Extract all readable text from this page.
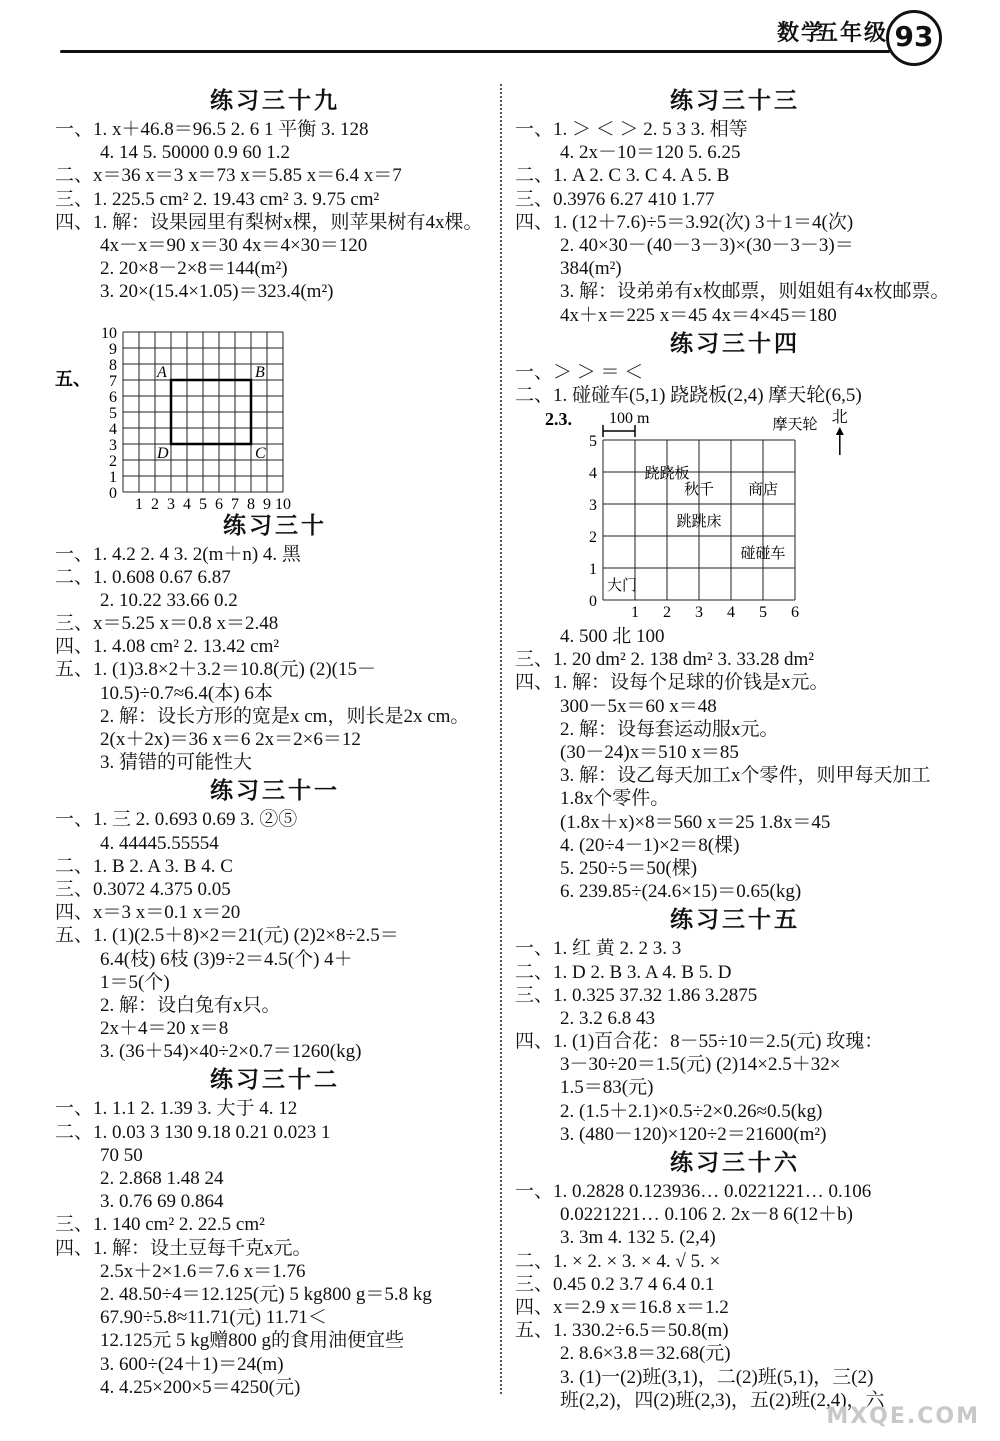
数学
五年级 93
练习三十九
一、1. x＋46.8＝96.5 2. 6 1 平衡 3. 128
4. 14 5. 50000 0.9 60 1.2
二、x＝36 x＝3 x＝73 x＝5.85 x＝6.4 x＝7
三、1. 225.5 cm² 2. 19.43 cm² 3. 9.75 cm²
四、1. 解：设果园里有梨树x棵，则苹果树有4x棵。
4x－x＝90 x＝30 4x＝4×30＝120
2. 20×8－2×8＝144(m²)
3. 20×(15.4×1.05)＝323.4(m²)
五、
10
9
8
7
6
5
4
3
2
1
0
1 2 3 4 5 6 7 8 9 10
A	B
C
D
练习三十
一、1. 4.2 2. 4 3. 2(m＋n) 4. 黑
二、1. 0.608 0.67 6.87
2. 10.22 33.66 0.2
三、x＝5.25 x＝0.8 x＝2.48
四、1. 4.08 cm² 2. 13.42 cm²
五、1. (1)3.8×2＋3.2＝10.8(元) (2)(15－
10.5)÷0.7≈6.4(本) 6本
2. 解：设长方形的宽是x cm，则长是2x cm。
2(x＋2x)＝36 x＝6 2x＝2×6＝12
3. 猜错的可能性大
练习三十一
一、1. 三 2. 0.693 0.69 3. ②⑤
4. 44445.55554
二、1. B 2. A 3. B 4. C
三、0.3072 4.375 0.05
四、x＝3 x＝0.1 x＝20
五、1. (1)(2.5＋8)×2＝21(元) (2)2×8÷2.5＝
6.4(枝) 6枝 (3)9÷2＝4.5(个) 4＋
1＝5(个)
2. 解：设白兔有x只。
2x＋4＝20 x＝8
3. (36＋54)×40÷2×0.7＝1260(kg)
练习三十二
一、1. 1.1 2. 1.39 3. 大于 4. 12
二、1. 0.03 3 130 9.18 0.21 0.023 1
70 50
2. 2.868 1.48 24
3. 0.76 69 0.864
三、1. 140 cm² 2. 22.5 cm²
四、1. 解：设土豆每千克x元。
2.5x＋2×1.6＝7.6 x＝1.76
2. 48.50÷4＝12.125(元) 5 kg800 g＝5.8 kg
67.90÷5.8≈11.71(元) 11.71＜
12.125元 5 kg赠800 g的食用油便宜些
3. 600÷(24＋1)＝24(m)
4. 4.25×200×5＝4250(元)
练习三十三
一、1. ＞ ＜ ＞ 2. 5 3 3. 相等
4. 2x－10＝120 5. 6.25
二、1. A 2. C 3. C 4. A 5. B
三、0.3976 6.27 410 1.77
四、1. (12＋7.6)÷5＝3.92(次) 3＋1＝4(次)
2. 40×30－(40－3－3)×(30－3－3)＝
384(m²)
3. 解：设弟弟有x枚邮票，则姐姐有4x枚邮票。
4x＋x＝225 x＝45 4x＝4×45＝180
练习三十四
一、＞ ＞ ＝ ＜
二、1. 碰碰车(5,1) 跷跷板(2,4) 摩天轮(6,5)
2.3. 100 m	北
5
4
3
2
1
0
1 2 3 4 5 6
摩天轮
跷跷板
秋千 商店
跳跳床
碰碰车
大门
4. 500 北 100
三、1. 20 dm² 2. 138 dm² 3. 33.28 dm²
四、1. 解：设每个足球的价钱是x元。
300－5x＝60 x＝48
2. 解：设每套运动服x元。
(30－24)x＝510 x＝85
3. 解：设乙每天加工x个零件，则甲每天加工
1.8x个零件。
(1.8x＋x)×8＝560 x＝25 1.8x＝45
4. (20÷4－1)×2＝8(棵)
5. 250÷5＝50(棵)
6. 239.85÷(24.6×15)＝0.65(kg)
练习三十五
一、1. 红 黄 2. 2 3. 3
二、1. D 2. B 3. A 4. B 5. D
三、1. 0.325 37.32 1.86 3.2875
2. 3.2 6.8 43
四、1. (1)百合花：8－55÷10＝2.5(元) 玫瑰：
3－30÷20＝1.5(元) (2)14×2.5＋32×
1.5＝83(元)
2. (1.5＋2.1)×0.5÷2×0.26≈0.5(kg)
3. (480－120)×120÷2＝21600(m²)
练习三十六
一、1. 0.2828 0.123936… 0.0221221… 0.106
0.0221221… 0.106 2. 2x－8 6(12＋b)
3. 3m 4. 132 5. (2,4)
二、1. × 2. × 3. × 4. √ 5. ×
三、0.45 0.2 3.7 4 6.4 0.1
四、x＝2.9 x＝16.8 x＝1.2
五、1. 330.2÷6.5＝50.8(m)
2. 8.6×3.8＝32.68(元)
3. (1)一(2)班(3,1)，二(2)班(5,1)，三(2)
班(2,2)，四(2)班(2,3)，五(2)班(2,4)，六
MXQE.COM
